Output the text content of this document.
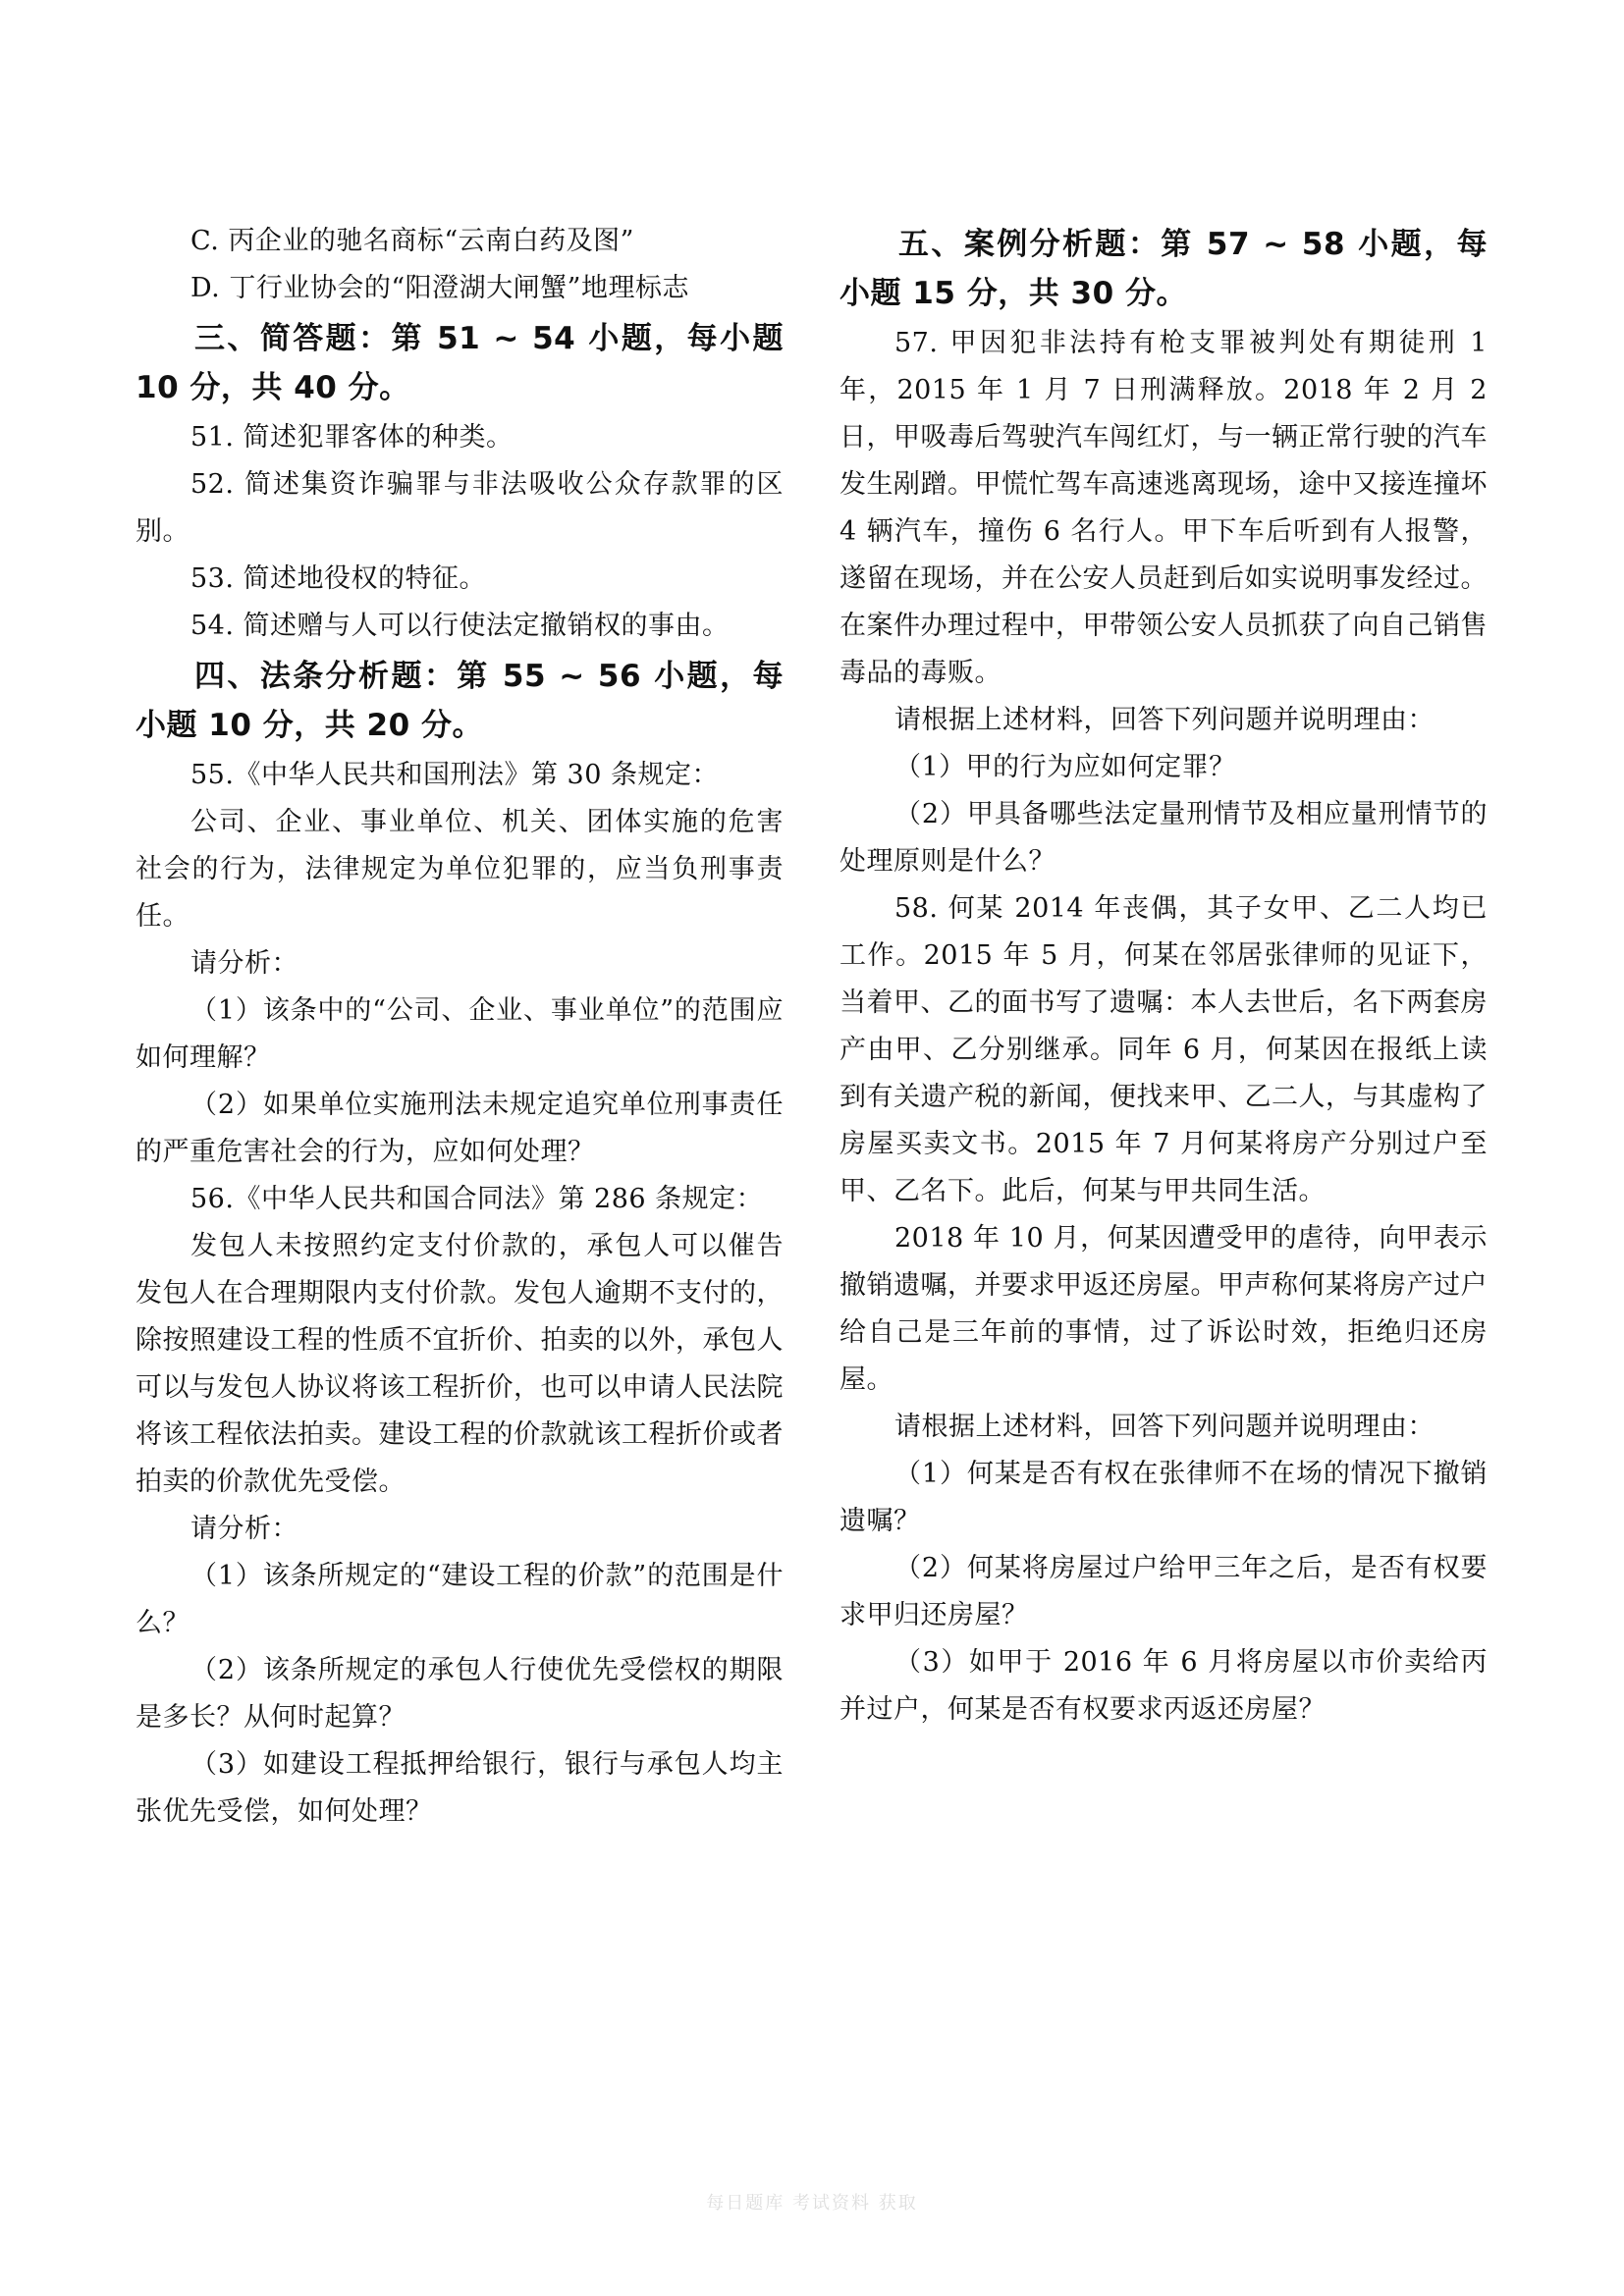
C. 丙企业的驰名商标“云南白药及图”

D. 丁行业协会的“阳澄湖大闸蟹”地理标志

三、简答题：第 51 ~ 54 小题，每小题 10 分，共 40 分。

51. 简述犯罪客体的种类。

52. 简述集资诈骗罪与非法吸收公众存款罪的区别。

53. 简述地役权的特征。

54. 简述赠与人可以行使法定撤销权的事由。

四、法条分析题：第 55 ~ 56 小题，每小题 10 分，共 20 分。

55.《中华人民共和国刑法》第 30 条规定：

公司、企业、事业单位、机关、团体实施的危害社会的行为，法律规定为单位犯罪的，应当负刑事责任。

请分析：

（1）该条中的“公司、企业、事业单位”的范围应如何理解？

（2）如果单位实施刑法未规定追究单位刑事责任的严重危害社会的行为，应如何处理？

56.《中华人民共和国合同法》第 286 条规定：

发包人未按照约定支付价款的，承包人可以催告发包人在合理期限内支付价款。发包人逾期不支付的，除按照建设工程的性质不宜折价、拍卖的以外，承包人可以与发包人协议将该工程折价，也可以申请人民法院将该工程依法拍卖。建设工程的价款就该工程折价或者拍卖的价款优先受偿。

请分析：

（1）该条所规定的“建设工程的价款”的范围是什么？

（2）该条所规定的承包人行使优先受偿权的期限是多长？从何时起算？

（3）如建设工程抵押给银行，银行与承包人均主张优先受偿，如何处理？

五、案例分析题：第 57 ~ 58 小题，每小题 15 分，共 30 分。

57. 甲因犯非法持有枪支罪被判处有期徒刑 1 年，2015 年 1 月 7 日刑满释放。2018 年 2 月 2 日，甲吸毒后驾驶汽车闯红灯，与一辆正常行驶的汽车发生剐蹭。甲慌忙驾车高速逃离现场，途中又接连撞坏 4 辆汽车，撞伤 6 名行人。甲下车后听到有人报警，遂留在现场，并在公安人员赶到后如实说明事发经过。在案件办理过程中，甲带领公安人员抓获了向自己销售毒品的毒贩。

请根据上述材料，回答下列问题并说明理由：

（1）甲的行为应如何定罪？

（2）甲具备哪些法定量刑情节及相应量刑情节的处理原则是什么？

58. 何某 2014 年丧偶，其子女甲、乙二人均已工作。2015 年 5 月，何某在邻居张律师的见证下，当着甲、乙的面书写了遗嘱：本人去世后，名下两套房产由甲、乙分别继承。同年 6 月，何某因在报纸上读到有关遗产税的新闻，便找来甲、乙二人，与其虚构了房屋买卖文书。2015 年 7 月何某将房产分别过户至甲、乙名下。此后，何某与甲共同生活。

2018 年 10 月，何某因遭受甲的虐待，向甲表示撤销遗嘱，并要求甲返还房屋。甲声称何某将房产过户给自己是三年前的事情，过了诉讼时效，拒绝归还房屋。

请根据上述材料，回答下列问题并说明理由：

（1）何某是否有权在张律师不在场的情况下撤销遗嘱？

（2）何某将房屋过户给甲三年之后，是否有权要求甲归还房屋？

（3）如甲于 2016 年 6 月将房屋以市价卖给丙并过户，何某是否有权要求丙返还房屋？

每日题库 考试资料 获取
